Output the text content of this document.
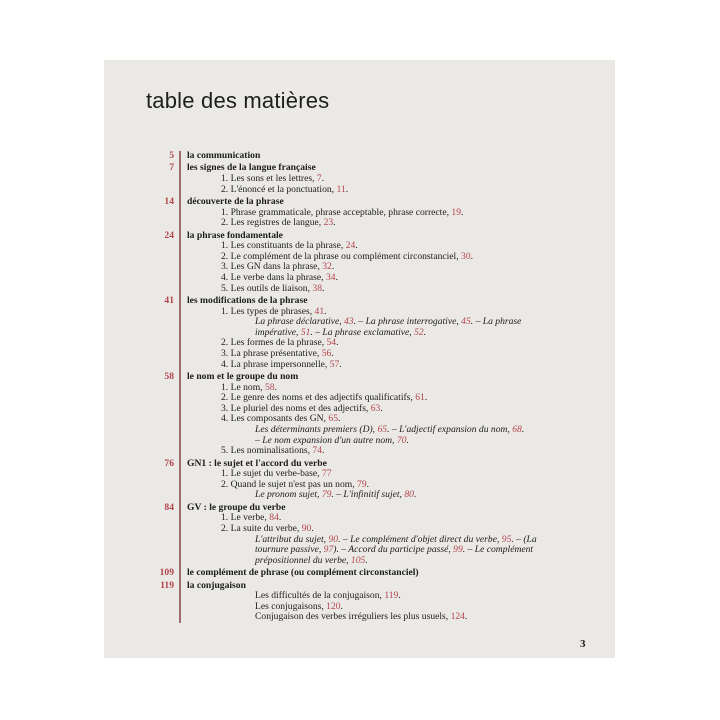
table des matières
5 la communication
7 les signes de la langue française
1. Les sons et les lettres, 7.
2. L'énoncé et la ponctuation, 11.
14 découverte de la phrase
1. Phrase grammaticale, phrase acceptable, phrase correcte, 19.
2. Les registres de langue, 23.
24 la phrase fondamentale
1. Les constituants de la phrase, 24.
2. Le complément de la phrase ou complément circonstanciel, 30.
3. Les GN dans la phrase, 32.
4. Le verbe dans la phrase, 34.
5. Les outils de liaison, 38.
41 les modifications de la phrase
1. Les types de phrases, 41.
La phrase déclarative, 43. – La phrase interrogative, 45. – La phrase
impérative, 51. – La phrase exclamative, 52.
2. Les formes de la phrase, 54.
3. La phrase présentative, 56.
4. La phrase impersonnelle, 57.
58 le nom et le groupe du nom
1. Le nom, 58.
2. Le genre des noms et des adjectifs qualificatifs, 61.
3. Le pluriel des noms et des adjectifs, 63.
4. Les composants des GN, 65.
Les déterminants premiers (D), 65. – L'adjectif expansion du nom, 68.
– Le nom expansion d'un autre nom, 70.
5. Les nominalisations, 74.
76 GN1 : le sujet et l'accord du verbe
1. Le sujet du verbe-base, 77
2. Quand le sujet n'est pas un nom, 79.
Le pronom sujet, 79. – L'infinitif sujet, 80.
84 GV : le groupe du verbe
1. Le verbe, 84.
2. La suite du verbe, 90.
L'attribut du sujet, 90. – Le complément d'objet direct du verbe, 95. – (La
tournure passive, 97). – Accord du participe passé, 99. – Le complément
prépositionnel du verbe, 105.
109 le complément de phrase (ou complément circonstanciel)
119 la conjugaison
Les difficultés de la conjugaison, 119.
Les conjugaisons, 120.
Conjugaison des verbes irréguliers les plus usuels, 124.
3
